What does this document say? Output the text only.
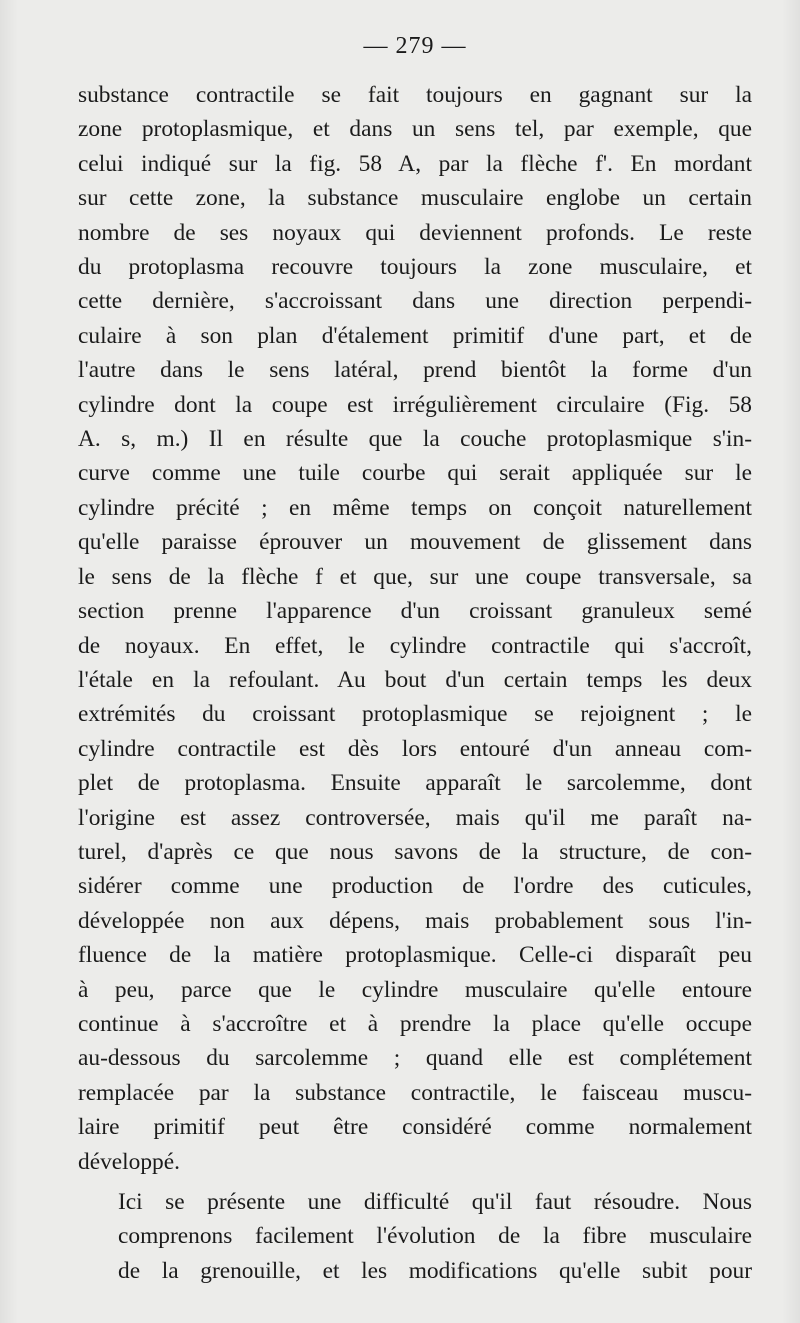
— 279 —

substance contractile se fait toujours en gagnant sur la
zone protoplasmique, et dans un sens tel, par exemple, que
celui indiqué sur la fig. 58 A, par la flèche f'. En mordant
sur cette zone, la substance musculaire englobe un certain
nombre de ses noyaux qui deviennent profonds. Le reste
du protoplasma recouvre toujours la zone musculaire, et
cette dernière, s'accroissant dans une direction perpendi-
culaire à son plan d'étalement primitif d'une part, et de
l'autre dans le sens latéral, prend bientôt la forme d'un
cylindre dont la coupe est irrégulièrement circulaire (Fig. 58
A. s, m.) Il en résulte que la couche protoplasmique s'in-
curve comme une tuile courbe qui serait appliquée sur le
cylindre précité ; en même temps on conçoit naturellement
qu'elle paraisse éprouver un mouvement de glissement dans
le sens de la flèche f et que, sur une coupe transversale, sa
section prenne l'apparence d'un croissant granuleux semé
de noyaux. En effet, le cylindre contractile qui s'accroît,
l'étale en la refoulant. Au bout d'un certain temps les deux
extrémités du croissant protoplasmique se rejoignent ; le
cylindre contractile est dès lors entouré d'un anneau com-
plet de protoplasma. Ensuite apparaît le sarcolemme, dont
l'origine est assez controversée, mais qu'il me paraît na-
turel, d'après ce que nous savons de la structure, de con-
sidérer comme une production de l'ordre des cuticules,
développée non aux dépens, mais probablement sous l'in-
fluence de la matière protoplasmique. Celle-ci disparaît peu
à peu, parce que le cylindre musculaire qu'elle entoure
continue à s'accroître et à prendre la place qu'elle occupe
au-dessous du sarcolemme ; quand elle est complétement
remplacée par la substance contractile, le faisceau muscu-
laire primitif peut être considéré comme normalement
développé.

Ici se présente une difficulté qu'il faut résoudre. Nous
comprenons facilement l'évolution de la fibre musculaire
de la grenouille, et les modifications qu'elle subit pour
